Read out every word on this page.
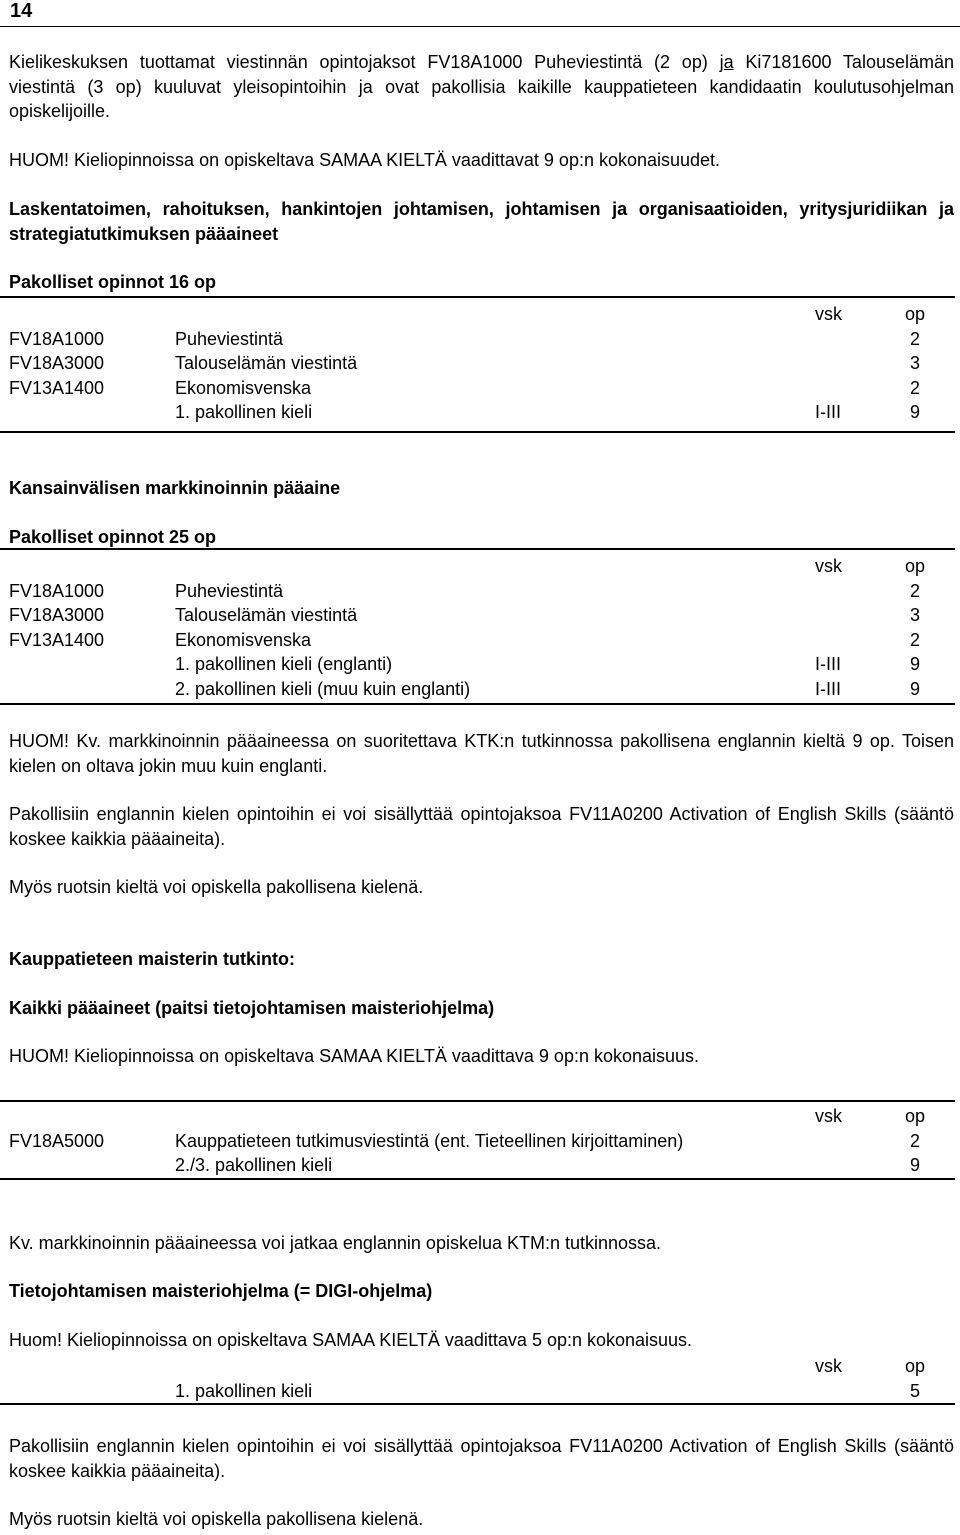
14

Kielikeskuksen tuottamat viestinnän opintojaksot FV18A1000 Puheviestintä (2 op) ja Ki7181600 Talouselämän viestintä (3 op) kuuluvat yleisopintoihin ja ovat pakollisia kaikille kauppatieteen kandidaatin koulutusohjelman opiskelijoille.

HUOM! Kieliopinnoissa on opiskeltava SAMAA KIELTÄ vaadittavat 9 op:n kokonaisuudet.

Laskentatoimen, rahoituksen, hankintojen johtamisen, johtamisen ja organisaatioiden, yritysjuridiikan ja strategiatutkimuksen pääaineet

Pakolliset opinnot 16 op

		vsk	op
FV18A1000	Puheviestintä		2
FV18A3000	Talouselämän viestintä		3
FV13A1400	Ekonomisvenska		2
	1. pakollinen kieli	I-III	9

Kansainvälisen markkinoinnin pääaine

Pakolliset opinnot 25 op

		vsk	op
FV18A1000	Puheviestintä		2
FV18A3000	Talouselämän viestintä		3
FV13A1400	Ekonomisvenska		2
	1. pakollinen kieli (englanti)	I-III	9
	2. pakollinen kieli (muu kuin englanti)	I-III	9

HUOM! Kv. markkinoinnin pääaineessa on suoritettava KTK:n tutkinnossa pakollisena englannin kieltä 9 op. Toisen kielen on oltava jokin muu kuin englanti.

Pakollisiin englannin kielen opintoihin ei voi sisällyttää opintojaksoa FV11A0200 Activation of English Skills (sääntö koskee kaikkia pääaineita).

Myös ruotsin kieltä voi opiskella pakollisena kielenä.

Kauppatieteen maisterin tutkinto:

Kaikki pääaineet (paitsi tietojohtamisen maisteriohjelma)

HUOM! Kieliopinnoissa on opiskeltava SAMAA KIELTÄ vaadittava 9 op:n kokonaisuus.

		vsk	op
FV18A5000	Kauppatieteen tutkimusviestintä (ent. Tieteellinen kirjoittaminen)		2
	2./3. pakollinen kieli		9

Kv. markkinoinnin pääaineessa voi jatkaa englannin opiskelua KTM:n tutkinnossa.

Tietojohtamisen maisteriohjelma (= DIGI-ohjelma)

Huom! Kieliopinnoissa on opiskeltava SAMAA KIELTÄ vaadittava 5 op:n kokonaisuus.

		vsk	op
	1. pakollinen kieli		5

Pakollisiin englannin kielen opintoihin ei voi sisällyttää opintojaksoa FV11A0200 Activation of English Skills (sääntö koskee kaikkia pääaineita).

Myös ruotsin kieltä voi opiskella pakollisena kielenä.
